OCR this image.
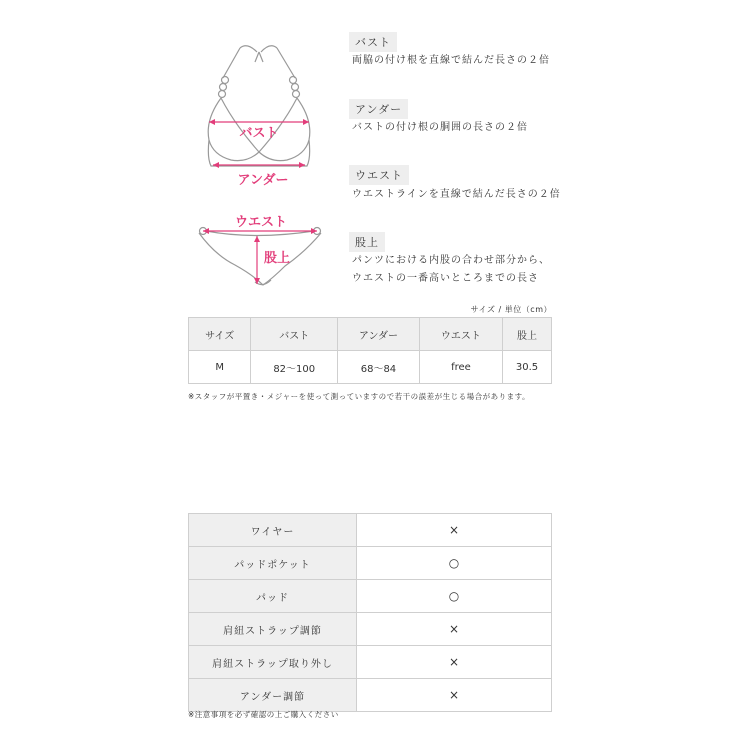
バスト
アンダー
ウエスト
股上
バスト
両脇の付け根を直線で結んだ長さの２倍
アンダー
バストの付け根の胴囲の長さの２倍
ウエスト
ウエストラインを直線で結んだ長さの２倍
股上
パンツにおける内股の合わせ部分から、
ウエストの一番高いところまでの長さ
サイズ / 単位（cm）
サイズ	バスト	アンダー	ウエスト	股上
M	82〜100	68〜84	free	30.5
※スタッフが平置き・メジャーを使って測っていますので若干の誤差が生じる場合があります。
ワイヤー	×
パッドポケット	○
パッド	○
肩紐ストラップ調節	×
肩紐ストラップ取り外し	×
アンダー調節	×
※注意事項を必ず確認の上ご購入ください
